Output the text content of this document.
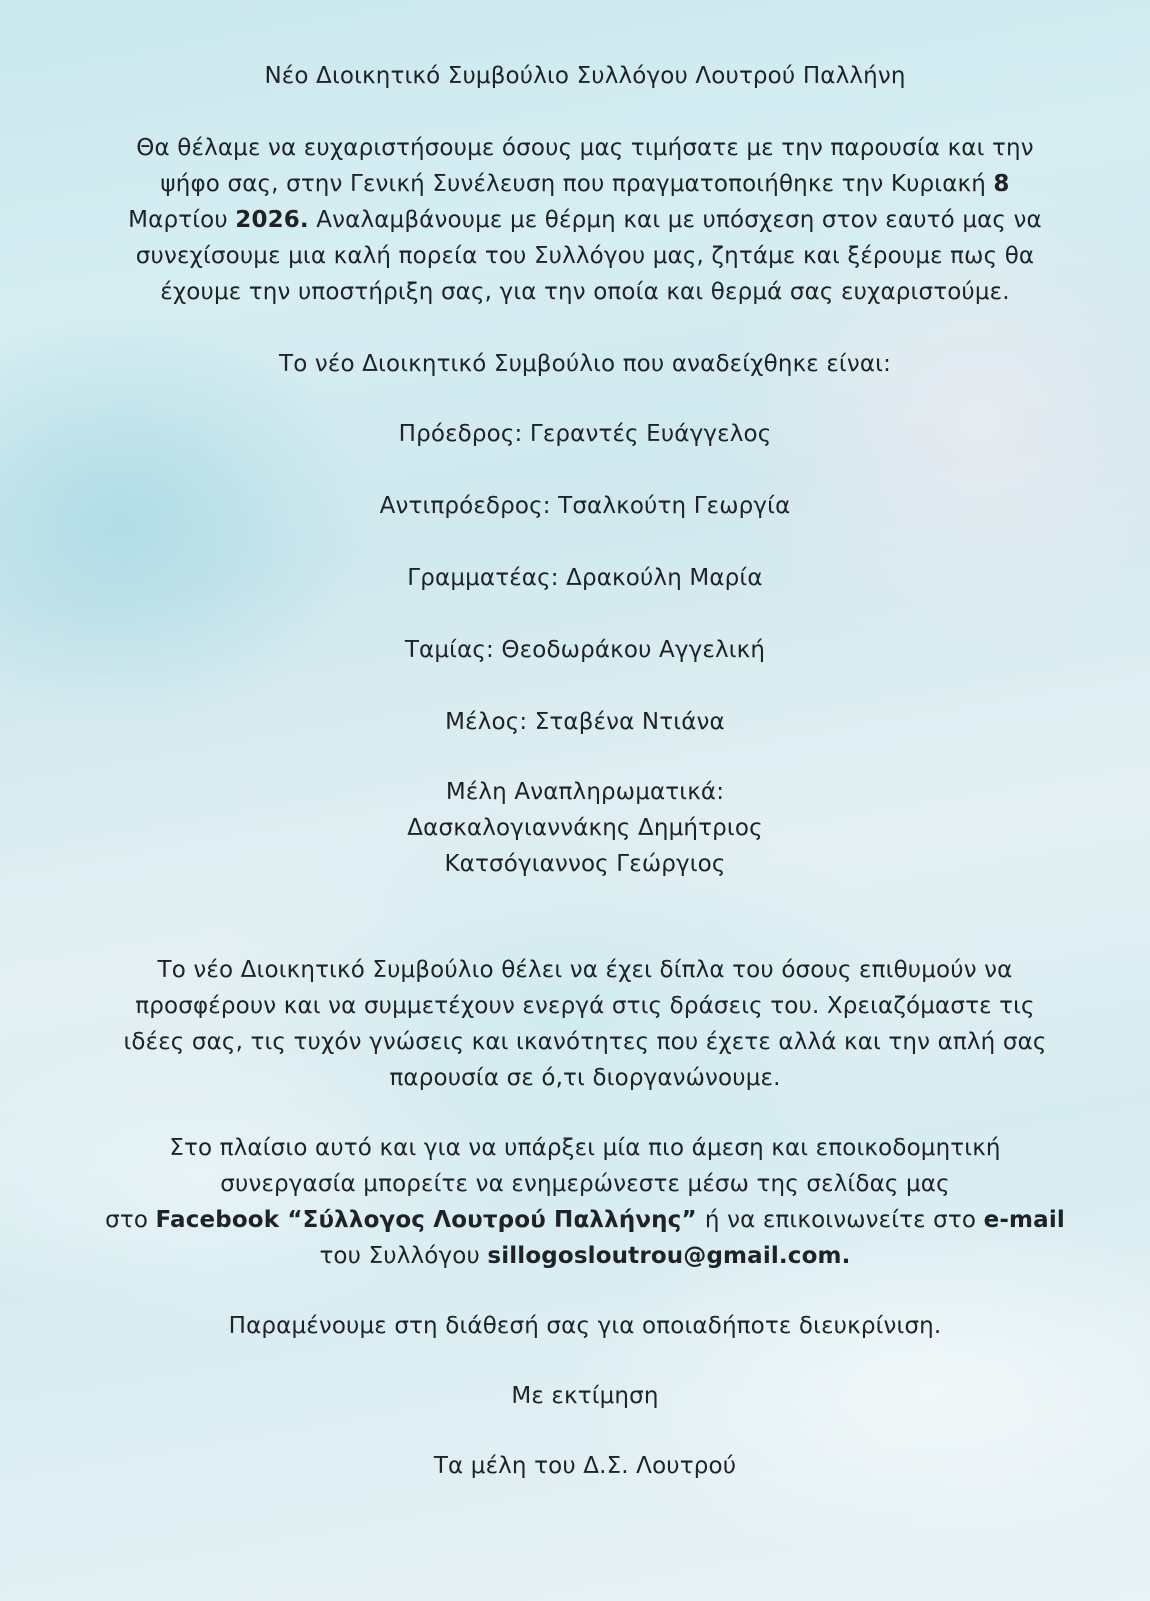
Νέο Διοικητικό Συμβούλιο Συλλόγου Λουτρού Παλλήνη

Θα θέλαμε να ευχαριστήσουμε όσους μας τιμήσατε με την παρουσία και την

ψήφο σας, στην Γενική Συνέλευση που πραγματοποιήθηκε την Κυριακή 8

Μαρτίου 2026. Αναλαμβάνουμε με θέρμη και με υπόσχεση στον εαυτό μας να

συνεχίσουμε μια καλή πορεία του Συλλόγου μας, ζητάμε και ξέρουμε πως θα

έχουμε την υποστήριξη σας, για την οποία και θερμά σας ευχαριστούμε.

Το νέο Διοικητικό Συμβούλιο που αναδείχθηκε είναι:

Πρόεδρος: Γεραντές Ευάγγελος

Αντιπρόεδρος: Τσαλκούτη Γεωργία

Γραμματέας: Δρακούλη Μαρία

Ταμίας: Θεοδωράκου Αγγελική

Μέλος: Σταβένα Ντιάνα

Μέλη Αναπληρωματικά:

Δασκαλογιαννάκης Δημήτριος

Κατσόγιαννος Γεώργιος

Το νέο Διοικητικό Συμβούλιο θέλει να έχει δίπλα του όσους επιθυμούν να

προσφέρουν και να συμμετέχουν ενεργά στις δράσεις του. Χρειαζόμαστε τις

ιδέες σας, τις τυχόν γνώσεις και ικανότητες που έχετε αλλά και την απλή σας

παρουσία σε ό,τι διοργανώνουμε.

Στο πλαίσιο αυτό και για να υπάρξει μία πιο άμεση και εποικοδομητική

συνεργασία μπορείτε να ενημερώνεστε μέσω της σελίδας μας

στο Facebook “Σύλλογος Λουτρού Παλλήνης” ή να επικοινωνείτε στο e-mail

του Συλλόγου sillogosloutrou@gmail.com.

Παραμένουμε στη διάθεσή σας για οποιαδήποτε διευκρίνιση.

Με εκτίμηση

Τα μέλη του Δ.Σ. Λουτρού
